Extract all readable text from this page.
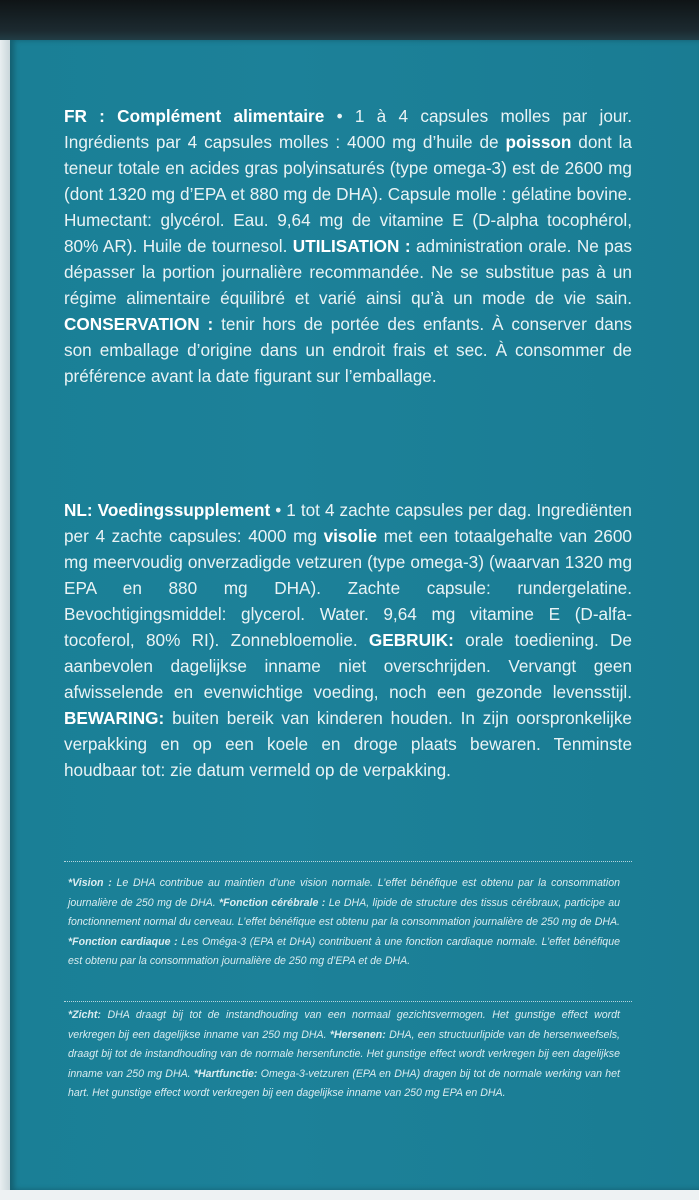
FR : Complément alimentaire • 1 à 4 capsules molles par jour. Ingrédients par 4 capsules molles : 4000 mg d’huile de poisson dont la teneur totale en acides gras polyinsaturés (type omega-3) est de 2600 mg (dont 1320 mg d’EPA et 880 mg de DHA). Capsule molle : gélatine bovine. Humectant: glycérol. Eau. 9,64 mg de vitamine E (D-alpha tocophérol, 80% AR). Huile de tournesol. UTILISATION : administration orale. Ne pas dépasser la portion journalière recommandée. Ne se substitue pas à un régime alimentaire équilibré et varié ainsi qu’à un mode de vie sain. CONSERVATION : tenir hors de portée des enfants. À conserver dans son emballage d’origine dans un endroit frais et sec. À consommer de préférence avant la date figurant sur l’emballage.
NL: Voedingssupplement • 1 tot 4 zachte capsules per dag. Ingrediënten per 4 zachte capsules: 4000 mg visolie met een totaalgehalte van 2600 mg meervoudig onverzadigde vetzuren (type omega-3) (waarvan 1320 mg EPA en 880 mg DHA). Zachte capsule: rundergelatine. Bevochtigingsmiddel: glycerol. Water. 9,64 mg vitamine E (D-alfa-tocoferol, 80% RI). Zonnebloemolie. GEBRUIK: orale toediening. De aanbevolen dagelijkse inname niet overschrijden. Vervangt geen afwisselende en evenwichtige voeding, noch een gezonde levensstijl. BEWARING: buiten bereik van kinderen houden. In zijn oorspronkelijke verpakking en op een koele en droge plaats bewaren. Tenminste houdbaar tot: zie datum vermeld op de verpakking.
*Vision : Le DHA contribue au maintien d’une vision normale. L’effet bénéfique est obtenu par la consommation journalière de 250 mg de DHA. *Fonction cérébrale : Le DHA, lipide de structure des tissus cérébraux, participe au fonctionnement normal du cerveau. L’effet bénéfique est obtenu par la consommation journalière de 250 mg de DHA. *Fonction cardiaque : Les Oméga-3 (EPA et DHA) contribuent à une fonction cardiaque normale. L’effet bénéfique est obtenu par la consommation journalière de 250 mg d’EPA et de DHA.
*Zicht: DHA draagt bij tot de instandhouding van een normaal gezichtsvermogen. Het gunstige effect wordt verkregen bij een dagelijkse inname van 250 mg DHA. *Hersenen: DHA, een structuurlipide van de hersenweefsels, draagt bij tot de instandhouding van de normale hersenfunctie. Het gunstige effect wordt verkregen bij een dagelijkse inname van 250 mg DHA. *Hartfunctie: Omega-3-vetzuren (EPA en DHA) dragen bij tot de normale werking van het hart. Het gunstige effect wordt verkregen bij een dagelijkse inname van 250 mg EPA en DHA.
